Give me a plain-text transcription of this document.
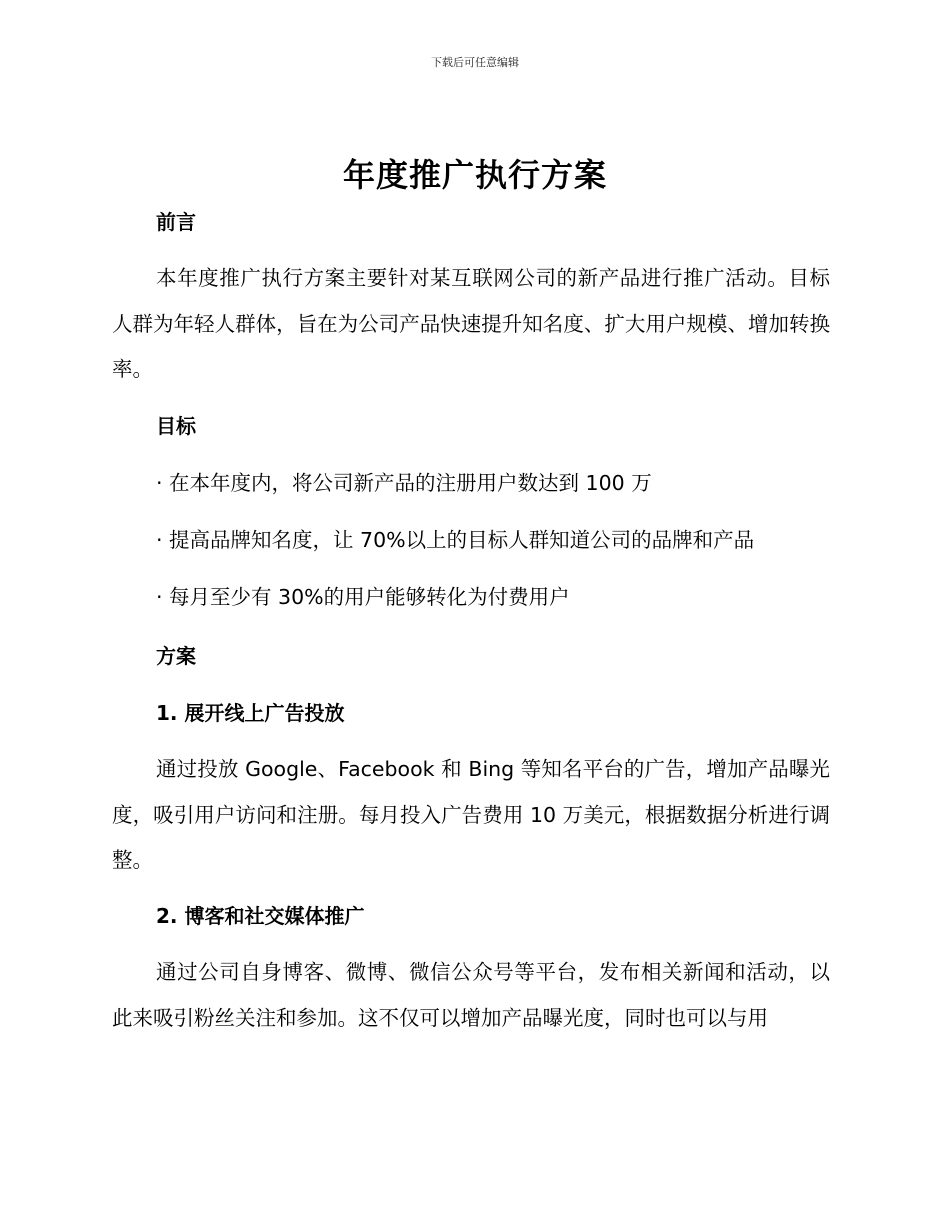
下载后可任意编辑
年度推广执行方案
前言

本年度推广执行方案主要针对某互联网公司的新产品进行推广活动。目标人群为年轻人群体，旨在为公司产品快速提升知名度、扩大用户规模、增加转换率。

目标
· 在本年度内，将公司新产品的注册用户数达到 100 万
· 提高品牌知名度，让 70%以上的目标人群知道公司的品牌和产品
· 每月至少有 30%的用户能够转化为付费用户
方案
1. 展开线上广告投放

通过投放 Google、Facebook 和 Bing 等知名平台的广告，增加产品曝光度，吸引用户访问和注册。每月投入广告费用 10 万美元，根据数据分析进行调整。

2. 博客和社交媒体推广

通过公司自身博客、微博、微信公众号等平台，发布相关新闻和活动，以此来吸引粉丝关注和参加。这不仅可以增加产品曝光度，同时也可以与用
